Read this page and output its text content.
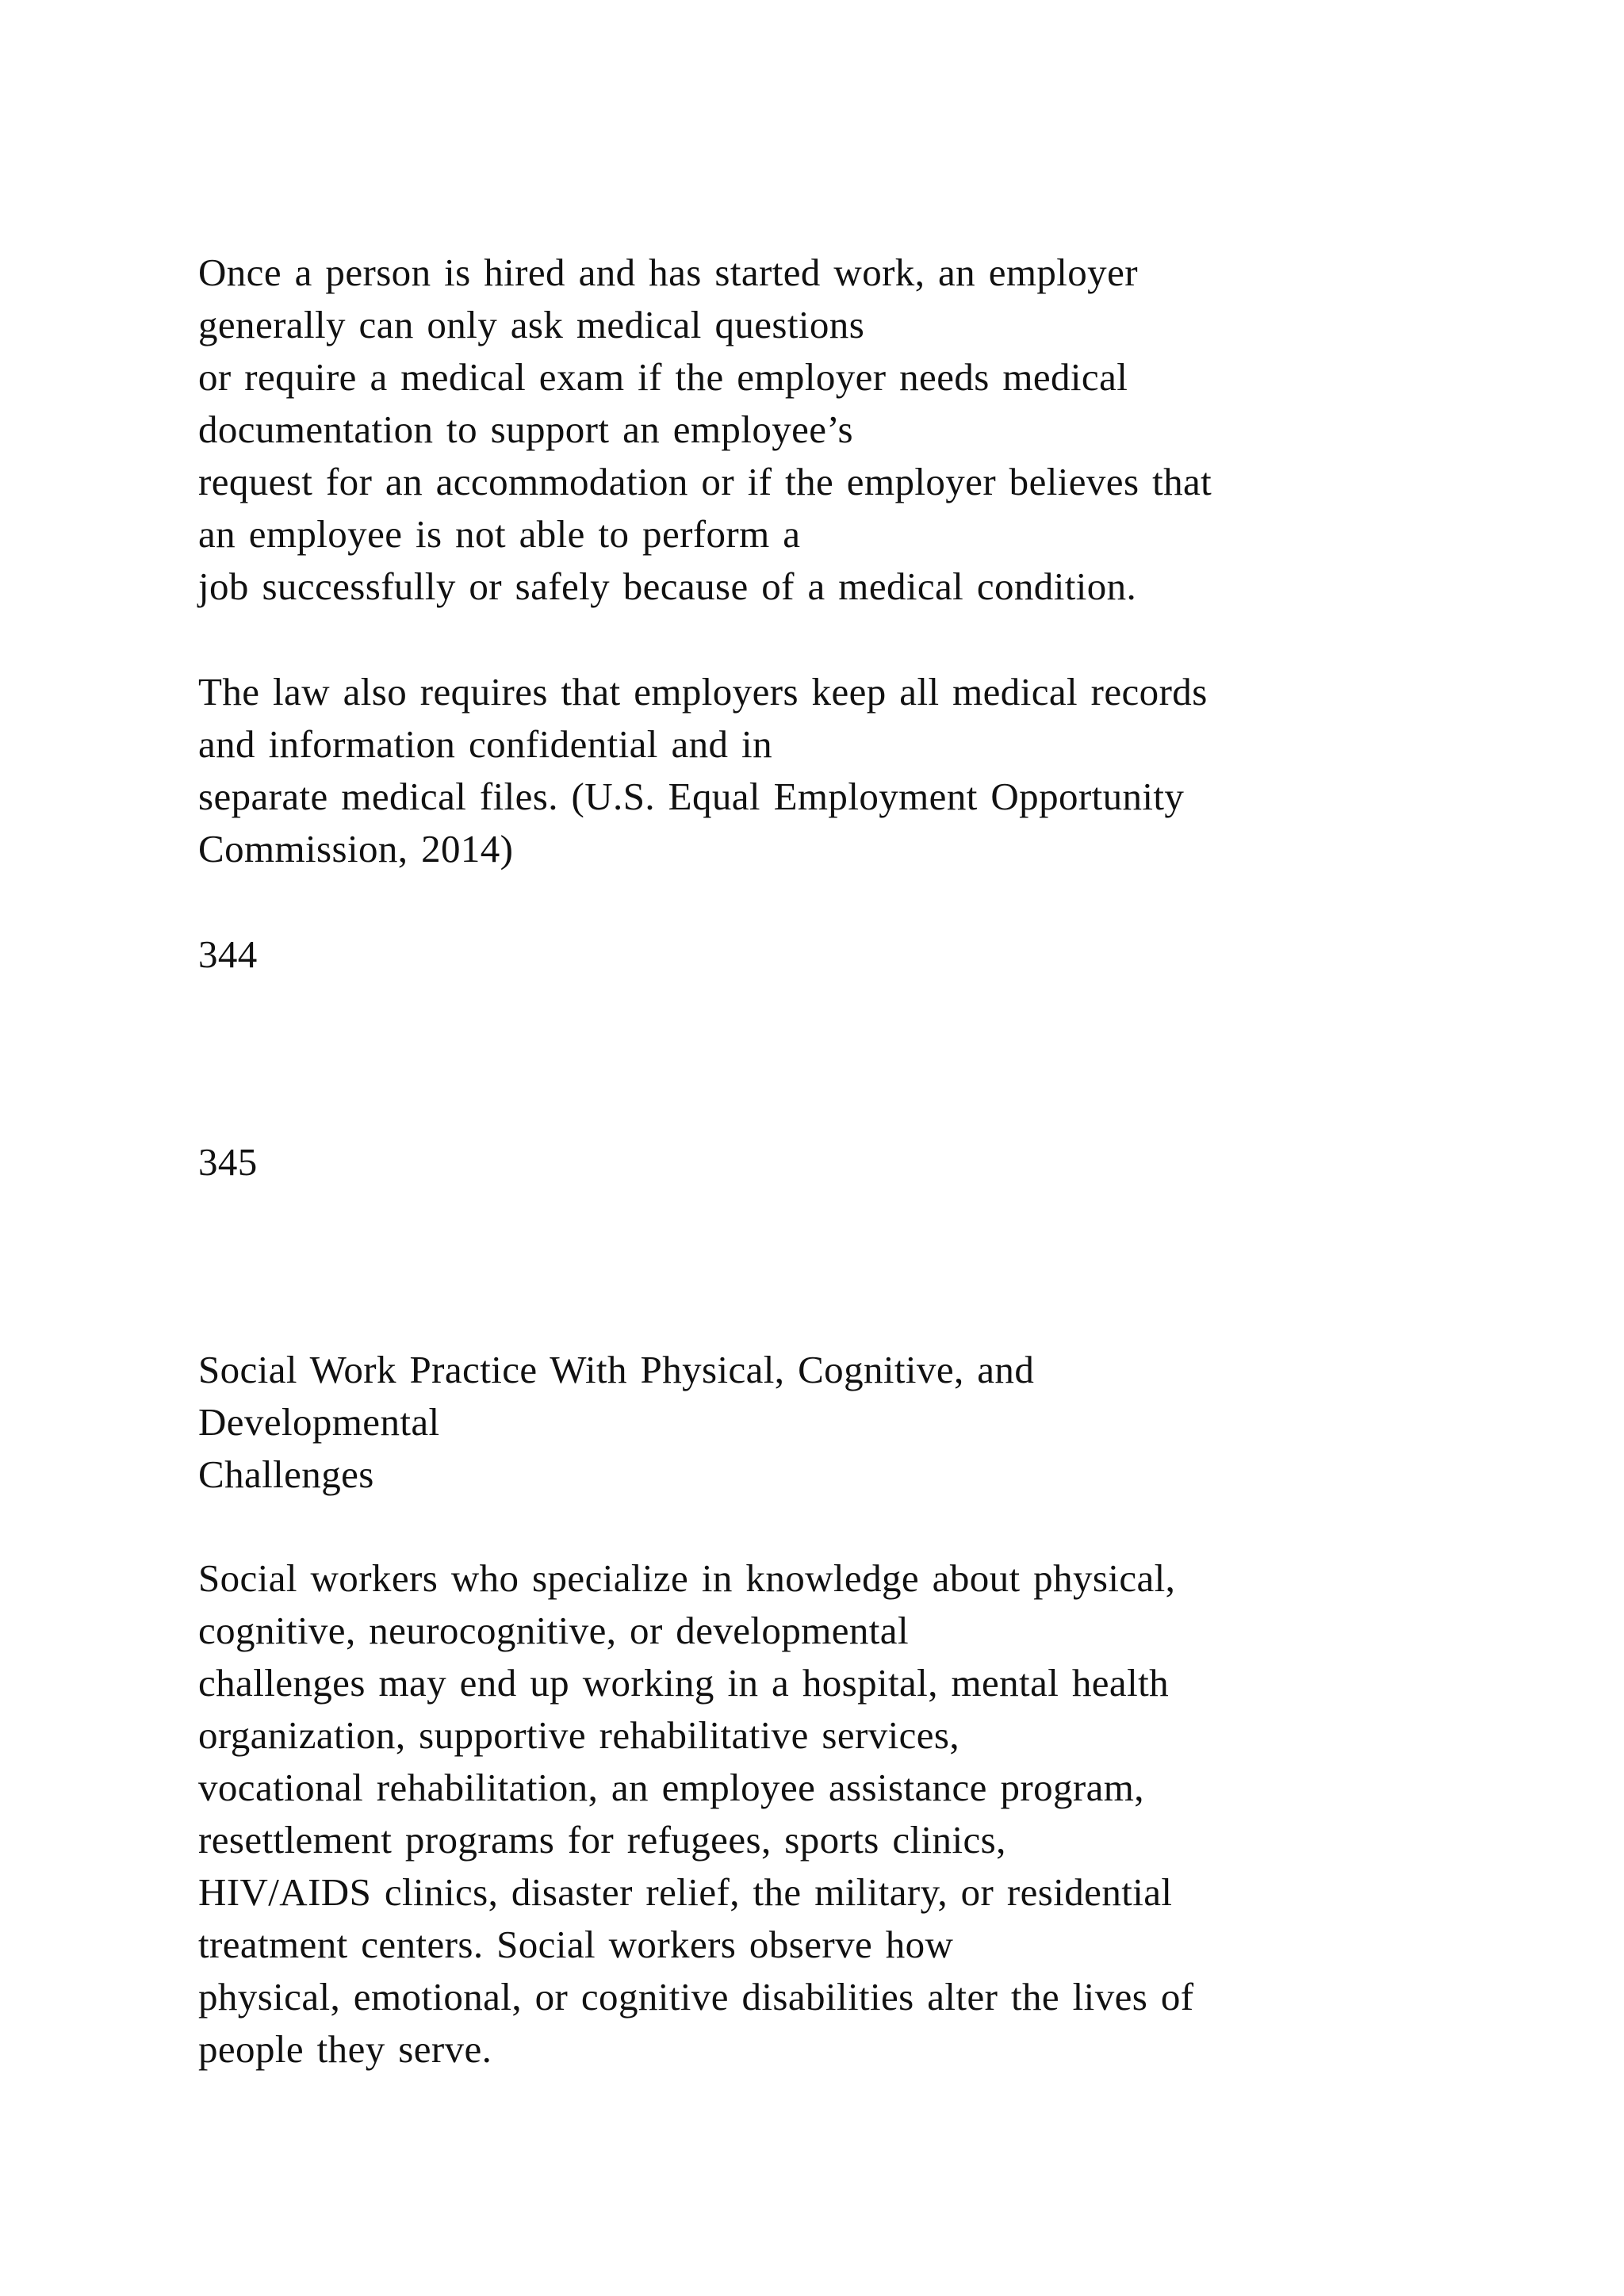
Once a person is hired and has started work, an employer
generally can only ask medical questions
or require a medical exam if the employer needs medical
documentation to support an employee’s
request for an accommodation or if the employer believes that
an employee is not able to perform a
job successfully or safely because of a medical condition.
The law also requires that employers keep all medical records
and information confidential and in
separate medical files. (U.S. Equal Employment Opportunity
Commission, 2014)
344
345
Social Work Practice With Physical, Cognitive, and
Developmental
Challenges
Social workers who specialize in knowledge about physical,
cognitive, neurocognitive, or developmental
challenges may end up working in a hospital, mental health
organization, supportive rehabilitative services,
vocational rehabilitation, an employee assistance program,
resettlement programs for refugees, sports clinics,
HIV/AIDS clinics, disaster relief, the military, or residential
treatment centers. Social workers observe how
physical, emotional, or cognitive disabilities alter the lives of
people they serve.
